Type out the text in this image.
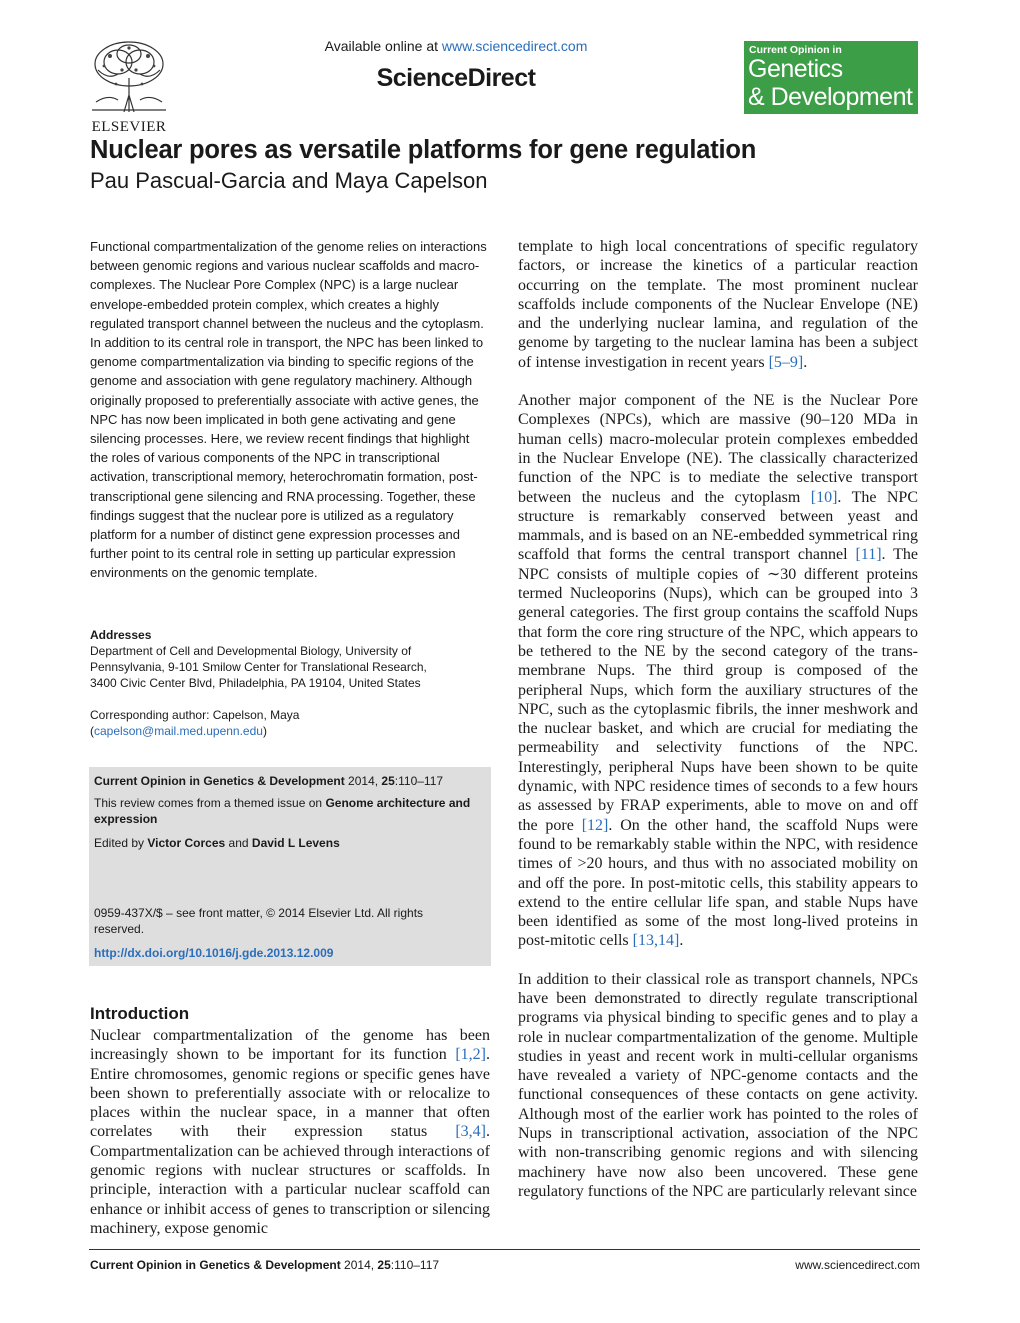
ELSEVIER
Available online at www.sciencedirect.com
ScienceDirect
Current Opinion in
Genetics
& Development
Nuclear pores as versatile platforms for gene regulation
Pau Pascual-Garcia and Maya Capelson
Functional compartmentalization of the genome relies on interactions between genomic regions and various nuclear scaffolds and macro-complexes. The Nuclear Pore Complex (NPC) is a large nuclear envelope-embedded protein complex, which creates a highly regulated transport channel between the nucleus and the cytoplasm. In addition to its central role in transport, the NPC has been linked to genome compartmentalization via binding to specific regions of the genome and association with gene regulatory machinery. Although originally proposed to preferentially associate with active genes, the NPC has now been implicated in both gene activating and gene silencing processes. Here, we review recent findings that highlight the roles of various components of the NPC in transcriptional activation, transcriptional memory, heterochromatin formation, post-transcriptional gene silencing and RNA processing. Together, these findings suggest that the nuclear pore is utilized as a regulatory platform for a number of distinct gene expression processes and further point to its central role in setting up particular expression environments on the genomic template.
Addresses
Department of Cell and Developmental Biology, University of
Pennsylvania, 9-101 Smilow Center for Translational Research,
3400 Civic Center Blvd, Philadelphia, PA 19104, United States
Corresponding author: Capelson, Maya
(capelson@mail.med.upenn.edu)
Current Opinion in Genetics & Development 2014, 25:110–117
This review comes from a themed issue on Genome architecture and expression
Edited by Victor Corces and David L Levens
0959-437X/$ – see front matter, © 2014 Elsevier Ltd. All rights
reserved.
http://dx.doi.org/10.1016/j.gde.2013.12.009
Introduction

Nuclear compartmentalization of the genome has been increasingly shown to be important for its function [1,2]. Entire chromosomes, genomic regions or specific genes have been shown to preferentially associate with or relocalize to places within the nuclear space, in a manner that often correlates with their expression status [3,4]. Compartmentalization can be achieved through interactions of genomic regions with nuclear structures or scaffolds. In principle, interaction with a particular nuclear scaffold can enhance or inhibit access of genes to transcription or silencing machinery, expose genomic

template to high local concentrations of specific regulatory factors, or increase the kinetics of a particular reaction occurring on the template. The most prominent nuclear scaffolds include components of the Nuclear Envelope (NE) and the underlying nuclear lamina, and regulation of the genome by targeting to the nuclear lamina has been a subject of intense investigation in recent years [5–9].

Another major component of the NE is the Nuclear Pore Complexes (NPCs), which are massive (90–120 MDa in human cells) macro-molecular protein complexes embedded in the Nuclear Envelope (NE). The classically characterized function of the NPC is to mediate the selective transport between the nucleus and the cytoplasm [10]. The NPC structure is remarkably conserved between yeast and mammals, and is based on an NE-embedded symmetrical ring scaffold that forms the central transport channel [11]. The NPC consists of multiple copies of ∼30 different proteins termed Nucleoporins (Nups), which can be grouped into 3 general categories. The first group contains the scaffold Nups that form the core ring structure of the NPC, which appears to be tethered to the NE by the second category of the trans-membrane Nups. The third group is composed of the peripheral Nups, which form the auxiliary structures of the NPC, such as the cytoplasmic fibrils, the inner meshwork and the nuclear basket, and which are crucial for mediating the permeability and selectivity functions of the NPC. Interestingly, peripheral Nups have been shown to be quite dynamic, with NPC residence times of seconds to a few hours as assessed by FRAP experiments, able to move on and off the pore [12]. On the other hand, the scaffold Nups were found to be remarkably stable within the NPC, with residence times of >20 hours, and thus with no associated mobility on and off the pore. In post-mitotic cells, this stability appears to extend to the entire cellular life span, and stable Nups have been identified as some of the most long-lived proteins in post-mitotic cells [13,14].

In addition to their classical role as transport channels, NPCs have been demonstrated to directly regulate transcriptional programs via physical binding to specific genes and to play a role in nuclear compartmentalization of the genome. Multiple studies in yeast and recent work in multi-cellular organisms have revealed a variety of NPC-genome contacts and the functional consequences of these contacts on gene activity. Although most of the earlier work has pointed to the roles of Nups in transcriptional activation, association of the NPC with non-transcribing genomic regions and with silencing machinery have now also been uncovered. These gene regulatory functions of the NPC are particularly relevant since

Current Opinion in Genetics & Development 2014, 25:110–117	www.sciencedirect.com
